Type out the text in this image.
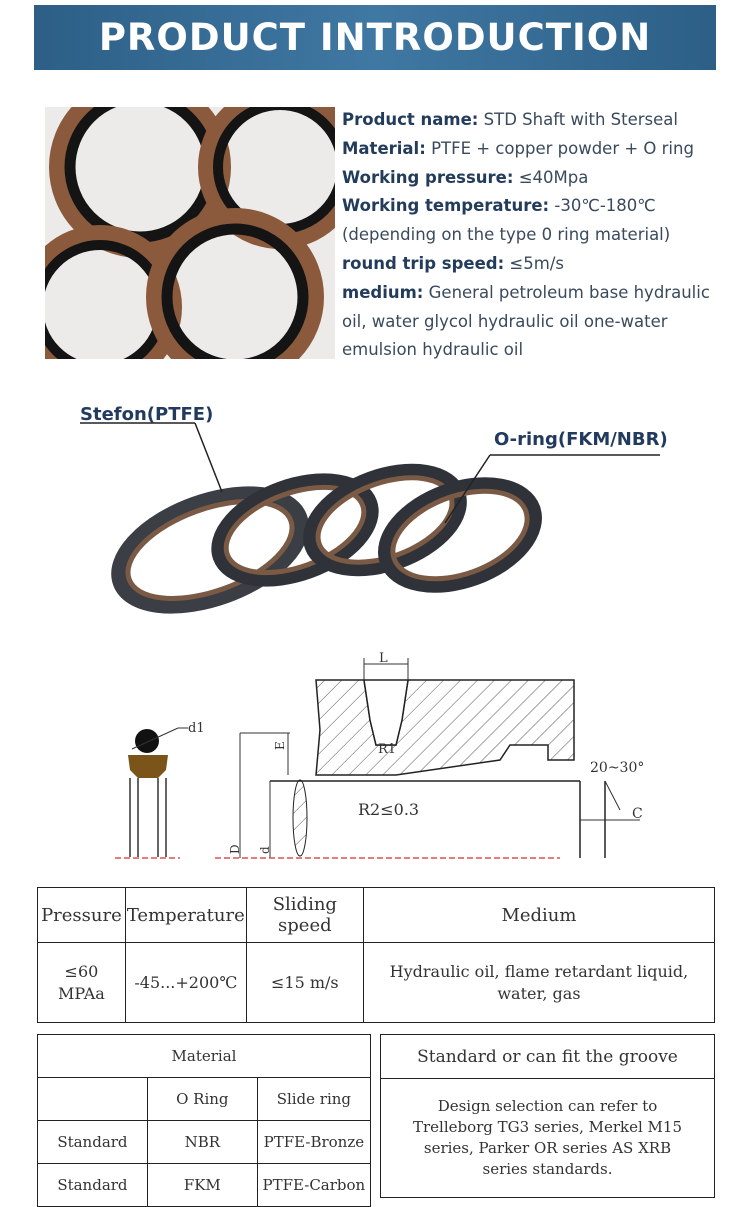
PRODUCT INTRODUCTION
Product name: STD Shaft with Sterseal
Material: PTFE + copper powder + O ring
Working pressure: ≤40Mpa
Working temperature: -30℃-180℃ (depending on the type 0 ring material)
round trip speed: ≤5m/s
medium: General petroleum base hydraulic oil, water glycol hydraulic oil one-water emulsion hydraulic oil
Stefon(PTFE)
O-ring(FKM/NBR)
d1
L
E	R1
R2≤0.3
20~30°
C
D d
Pressure	Temperature	Sliding speed	Medium
≤60 MPAa	-45...+200℃	≤15 m/s	Hydraulic oil, flame retardant liquid, water, gas
Material		
	O Ring	Slide ring
Standard	NBR	PTFE-Bronze
Standard	FKM	PTFE-Carbon
Standard or can fit the groove
Design selection can refer to Trelleborg TG3 series, Merkel M15 series, Parker OR series AS XRB series standards.
